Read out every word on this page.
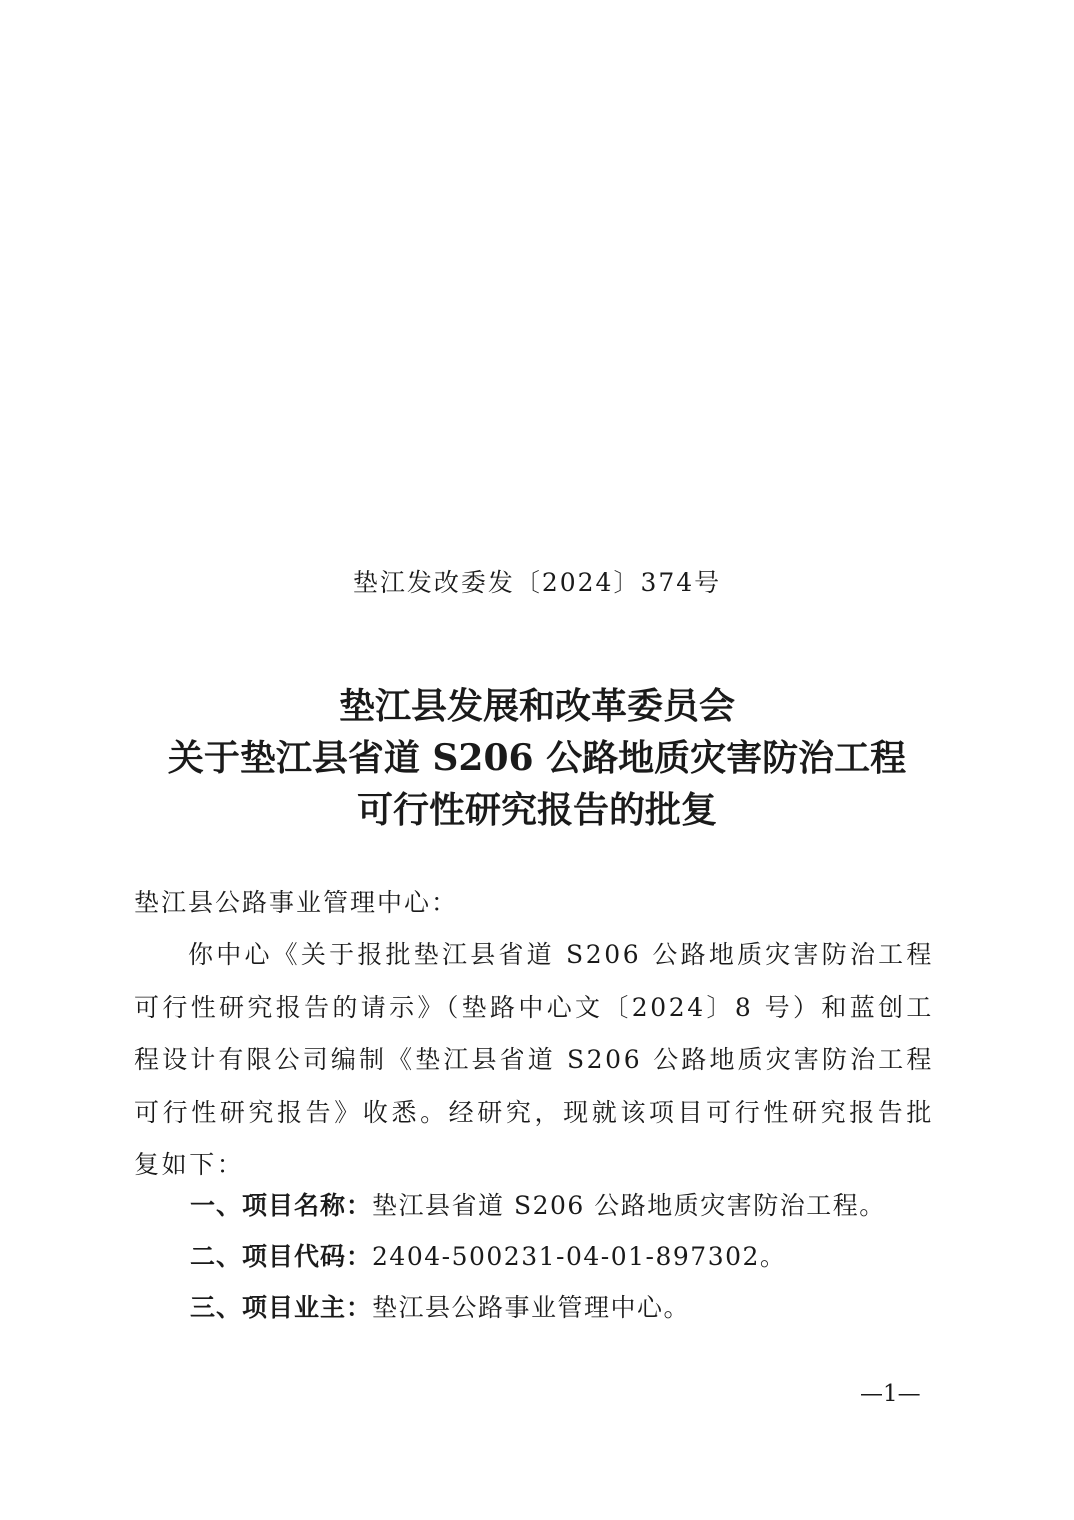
垫江发改委发〔2024〕374号
垫江县发展和改革委员会
关于垫江县省道 S206 公路地质灾害防治工程
可行性研究报告的批复
垫江县公路事业管理中心：
你中心《关于报批垫江县省道 S206 公路地质灾害防治工程可行性研究报告的请示》（垫路中心文〔2024〕8 号）和蓝创工程设计有限公司编制《垫江县省道 S206 公路地质灾害防治工程可行性研究报告》收悉。经研究，现就该项目可行性研究报告批复如下：
一、项目名称：垫江县省道 S206 公路地质灾害防治工程。
二、项目代码：2404-500231-04-01-897302。
三、项目业主：垫江县公路事业管理中心。
—1—
